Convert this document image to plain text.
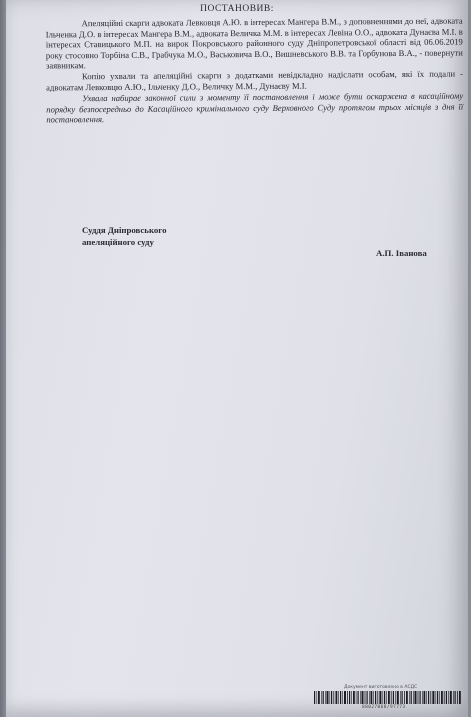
ПОСТАНОВИВ:

Апеляційні скарги адвоката Левковця А.Ю. в інтересах Мангера В.М., з доповненнями до неї, адвоката Ільченка Д.О. в інтересах Мангера В.М., адвоката Величка М.М. в інтересах Левіна О.О., адвоката Дунаєва М.І. в інтересах Ставицького М.П. на вирок Покровського районного суду Дніпропетровської області від 06.06.2019 року стосовно Торбіна С.В., Грабчука М.О., Васьковича В.О., Вишневського В.В. та Горбунова В.А., - повернути заявникам.

Копію ухвали та апеляційні скарги з додатками невідкладно надіслати особам, які їх подали - адвокатам Левковцю А.Ю., Ільченку Д.О., Величку М.М., Дунаєву М.І.

Ухвала набирає законної сили з моменту її постановлення і може бути оскаржена в касаційному порядку безпосередньо до Касаційного кримінального суду Верховного Суду протягом трьох місяців з дня її постановлення.

Суддя Дніпровського
апеляційного суду
А.П. Іванова
Документ виготовлено в АСДС
88027068/97773
